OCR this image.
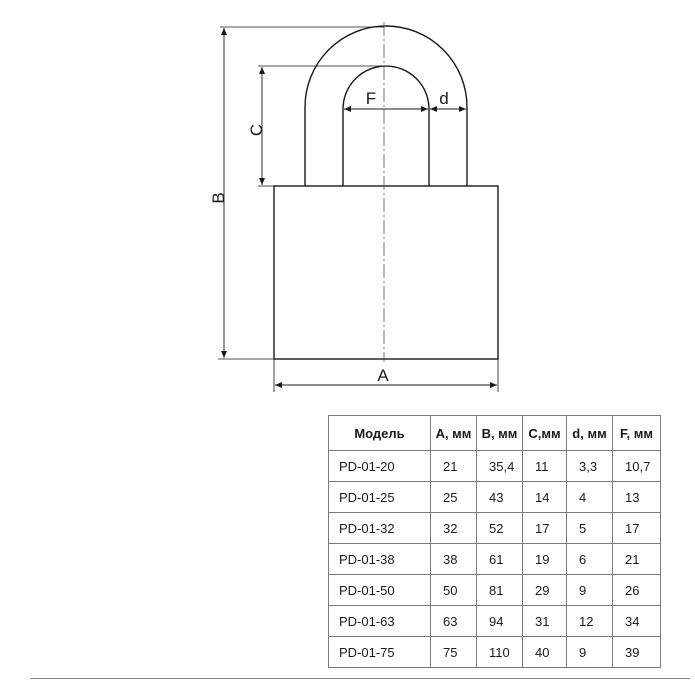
B
C
F	d
A
Модель	A, мм	B, мм	C,мм	d, мм	F, мм
PD-01-20	21	35,4	11	3,3	10,7
PD-01-25	25	43	14	4	13
PD-01-32	32	52	17	5	17
PD-01-38	38	61	19	6	21
PD-01-50	50	81	29	9	26
PD-01-63	63	94	31	12	34
PD-01-75	75	110	40	9	39
